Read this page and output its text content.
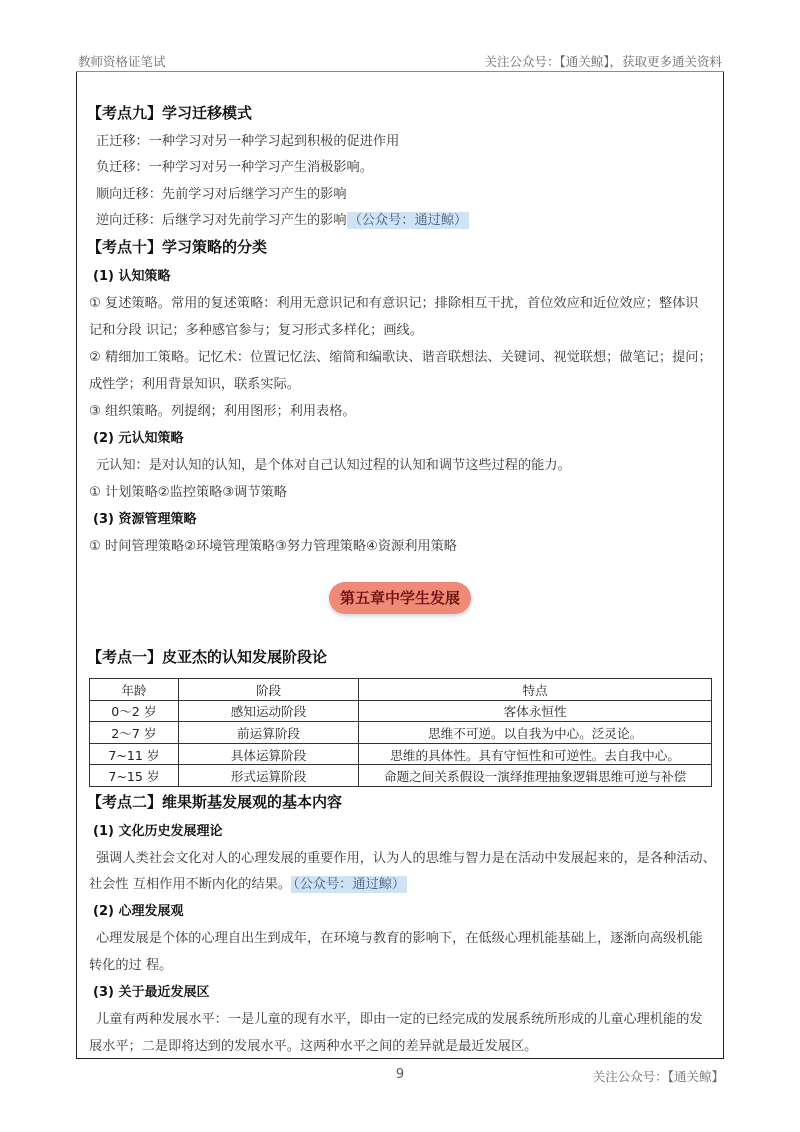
教师资格证笔试	关注公众号：【通关鲸】，获取更多通关资料
【考点九】学习迁移模式
正迁移：一种学习对另一种学习起到积极的促进作用
负迁移：一种学习对另一种学习产生消极影响。
顺向迁移：先前学习对后继学习产生的影响
逆向迁移：后继学习对先前学习产生的影响 （公众号：通过鲸）
【考点十】学习策略的分类
(1) 认知策略
① 复述策略。常用的复述策略：利用无意识记和有意识记；排除相互干扰，首位效应和近位效应；整体识
记和分段 识记；多种感官参与；复习形式多样化；画线。
② 精细加工策略。记忆术：位置记忆法、缩简和编歌诀、谐音联想法、关键词、视觉联想；做笔记；提问；
成性学；利用背景知识，联系实际。
③ 组织策略。列提纲；利用图形；利用表格。
(2) 元认知策略
元认知：是对认知的认知，是个体对自己认知过程的认知和调节这些过程的能力。
① 计划策略②监控策略③调节策略
(3) 资源管理策略
① 时间管理策略②环境管理策略③努力管理策略④资源利用策略
第五章中学生发展
【考点一】皮亚杰的认知发展阶段论
年龄	阶段	特点
0～2 岁	感知运动阶段	客体永恒性
2～7 岁	前运算阶段	思维不可逆。以自我为中心。泛灵论。
7~11 岁	具体运算阶段	思维的具体性。具有守恒性和可逆性。去自我中心。
7~15 岁	形式运算阶段	命题之间关系假设一演绎推理抽象逻辑思维可逆与补偿
【考点二】维果斯基发展观的基本内容
(1) 文化历史发展理论
强调人类社会文化对人的心理发展的重要作用，认为人的思维与智力是在活动中发展起来的，是各种活动、
社会性 互相作用不断内化的结果。 （公众号：通过鲸）
(2) 心理发展观
心理发展是个体的心理自出生到成年，在环境与教育的影响下，在低级心理机能基础上，逐渐向高级机能
转化的过 程。
(3) 关于最近发展区
儿童有两种发展水平：一是儿童的现有水平，即由一定的已经完成的发展系统所形成的儿童心理机能的发
展水平；二是即将达到的发展水平。这两种水平之间的差异就是最近发展区。
9	关注公众号：【通关鲸】
